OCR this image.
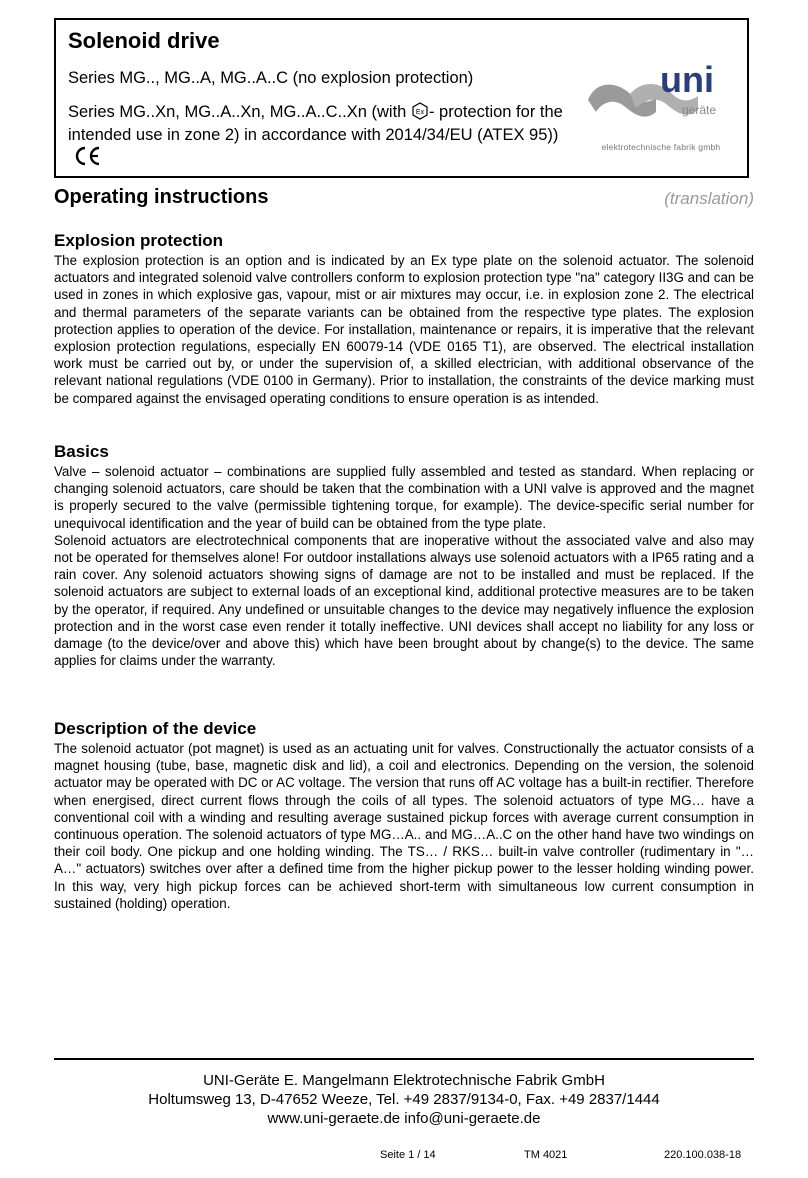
Solenoid drive
Series MG.., MG..A, MG..A..C (no explosion protection)
Series MG..Xn, MG..A..Xn, MG..A..C..Xn (with Ex - protection for the intended use in zone 2) in accordance with 2014/34/EU (ATEX 95))
uni
geräte
elektrotechnische fabrik gmbh
Operating instructions	(translation)
Explosion protection

The explosion protection is an option and is indicated by an Ex type plate on the solenoid actuator. The solenoid actuators and integrated solenoid valve controllers conform to explosion protection type "na" category II3G and can be used in zones in which explosive gas, vapour, mist or air mixtures may occur, i.e. in explosion zone 2. The electrical and thermal parameters of the separate variants can be obtained from the respective type plates. The explosion protection applies to operation of the device. For installation, maintenance or repairs, it is imperative that the relevant explosion protection regulations, especially EN 60079-14 (VDE 0165 T1), are observed. The electrical installation work must be carried out by, or under the supervision of, a skilled electrician, with additional observance of the relevant national regulations (VDE 0100 in Germany). Prior to installation, the constraints of the device marking must be compared against the envisaged operating conditions to ensure operation is as intended.

Basics

Valve – solenoid actuator – combinations are supplied fully assembled and tested as standard. When replacing or changing solenoid actuators, care should be taken that the combination with a UNI valve is approved and the magnet is properly secured to the valve (permissible tightening torque, for example). The device-specific serial number for unequivocal identification and the year of build can be obtained from the type plate.

Solenoid actuators are electrotechnical components that are inoperative without the associated valve and also may not be operated for themselves alone! For outdoor installations always use solenoid actuators with a IP65 rating and a rain cover. Any solenoid actuators showing signs of damage are not to be installed and must be replaced. If the solenoid actuators are subject to external loads of an exceptional kind, additional protective measures are to be taken by the operator, if required. Any undefined or unsuitable changes to the device may negatively influence the explosion protection and in the worst case even render it totally ineffective. UNI devices shall accept no liability for any loss or damage (to the device/over and above this) which have been brought about by change(s) to the device. The same applies for claims under the warranty.

Description of the device

The solenoid actuator (pot magnet) is used as an actuating unit for valves. Constructionally the actuator consists of a magnet housing (tube, base, magnetic disk and lid), a coil and electronics. Depending on the version, the solenoid actuator may be operated with DC or AC voltage. The version that runs off AC voltage has a built-in rectifier. Therefore when energised, direct current flows through the coils of all types. The solenoid actuators of type MG… have a conventional coil with a winding and resulting average sustained pickup forces with average current consumption in continuous operation. The solenoid actuators of type MG…A.. and MG…A..C on the other hand have two windings on their coil body. One pickup and one holding winding. The TS… / RKS… built-in valve controller (rudimentary in "…A…" actuators) switches over after a defined time from the higher pickup power to the lesser holding winding power. In this way, very high pickup forces can be achieved short-term with simultaneous low current consumption in sustained (holding) operation.

UNI-Geräte E. Mangelmann Elektrotechnische Fabrik GmbH
Holtumsweg 13, D-47652 Weeze, Tel. +49 2837/9134-0, Fax. +49 2837/1444
www.uni-geraete.de info@uni-geraete.de
Seite 1 / 14	TM 4021	220.100.038-18
